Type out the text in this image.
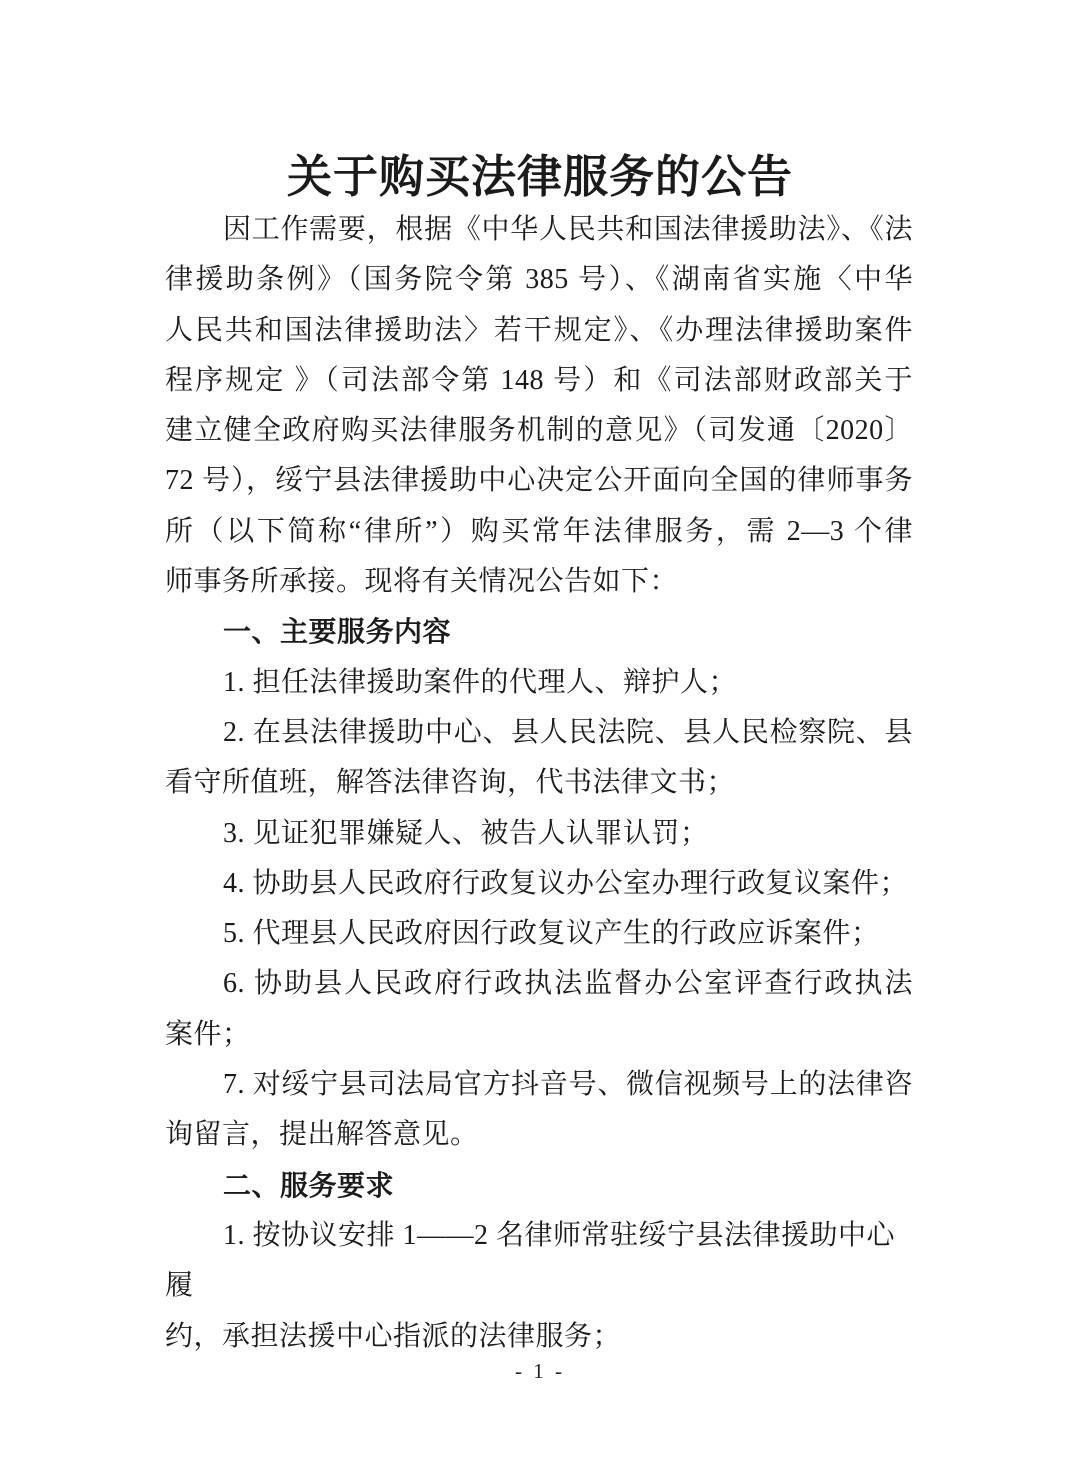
关于购买法律服务的公告

因工作需要，根据《中华人民共和国法律援助法》、《法

律援助条例》（国务院令第 385 号）、《湖南省实施〈中华

人民共和国法律援助法〉若干规定》、《办理法律援助案件

程序规定 》（司法部令第 148 号）和《司法部财政部关于

建立健全政府购买法律服务机制的意见》（司发通〔2020〕

72 号），绥宁县法律援助中心决定公开面向全国的律师事务

所（以下简称“律所”）购买常年法律服务，需 2—3 个律

师事务所承接。现将有关情况公告如下：

一、主要服务内容

1. 担任法律援助案件的代理人、辩护人；

2. 在县法律援助中心、县人民法院、县人民检察院、县

看守所值班，解答法律咨询，代书法律文书；

3. 见证犯罪嫌疑人、被告人认罪认罚；

4. 协助县人民政府行政复议办公室办理行政复议案件；

5. 代理县人民政府因行政复议产生的行政应诉案件；

6. 协助县人民政府行政执法监督办公室评查行政执法

案件；

7. 对绥宁县司法局官方抖音号、微信视频号上的法律咨

询留言，提出解答意见。

二、服务要求

1. 按协议安排 1——2 名律师常驻绥宁县法律援助中心履

约，承担法援中心指派的法律服务；

- 1 -
